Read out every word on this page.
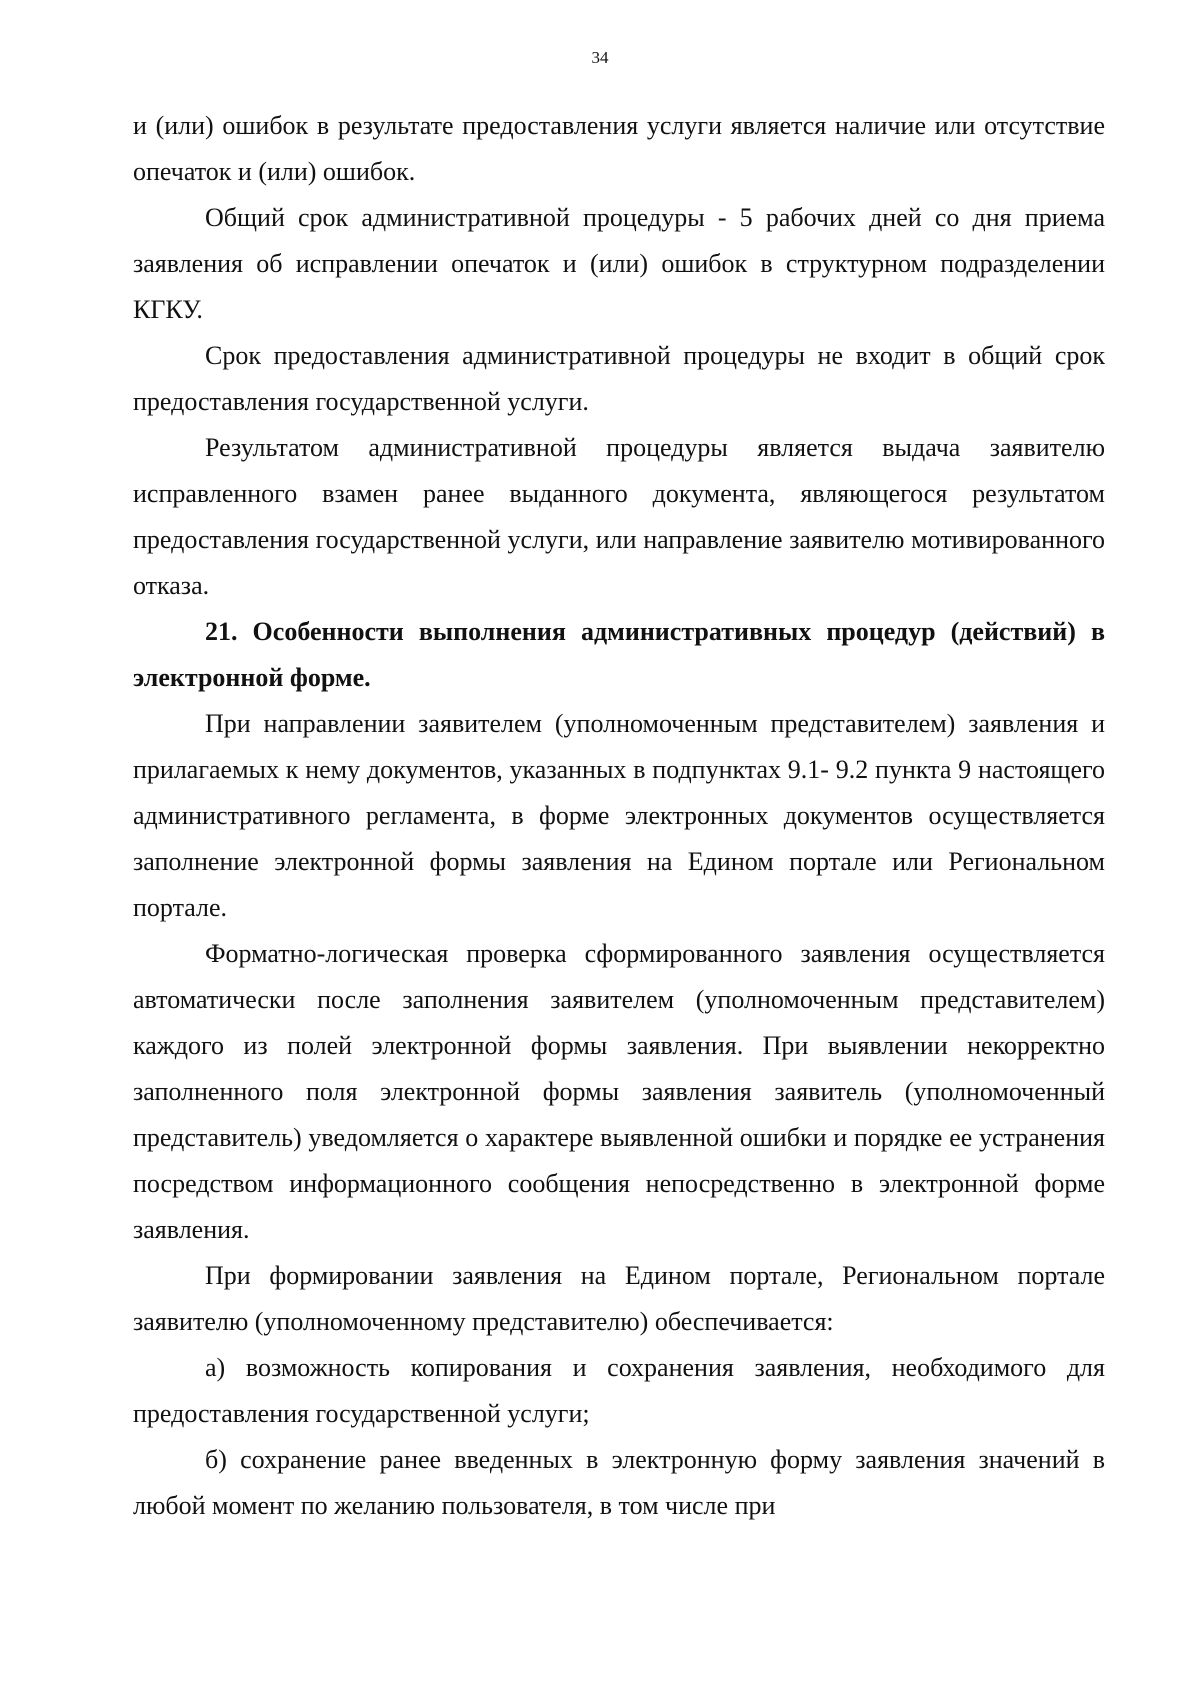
34

и (или) ошибок в результате предоставления услуги является наличие или отсутствие опечаток и (или) ошибок.

Общий срок административной процедуры - 5 рабочих дней со дня приема заявления об исправлении опечаток и (или) ошибок в структурном подразделении КГКУ.

Срок предоставления административной процедуры не входит в общий срок предоставления государственной услуги.

Результатом административной процедуры является выдача заявителю исправленного взамен ранее выданного документа, являющегося результатом предоставления государственной услуги, или направление заявителю мотивированного отказа.

21. Особенности выполнения административных процедур (действий) в электронной форме.

При направлении заявителем (уполномоченным представителем) заявления и прилагаемых к нему документов, указанных в подпунктах 9.1- 9.2 пункта 9 настоящего административного регламента, в форме электронных документов осуществляется заполнение электронной формы заявления на Едином портале или Региональном портале.

Форматно-логическая проверка сформированного заявления осуществляется автоматически после заполнения заявителем (уполномоченным представителем) каждого из полей электронной формы заявления. При выявлении некорректно заполненного поля электронной формы заявления заявитель (уполномоченный представитель) уведомляется о характере выявленной ошибки и порядке ее устранения посредством информационного сообщения непосредственно в электронной форме заявления.

При формировании заявления на Едином портале, Региональном портале заявителю (уполномоченному представителю) обеспечивается:

а) возможность копирования и сохранения заявления, необходимого для предоставления государственной услуги;

б) сохранение ранее введенных в электронную форму заявления значений в любой момент по желанию пользователя, в том числе при
